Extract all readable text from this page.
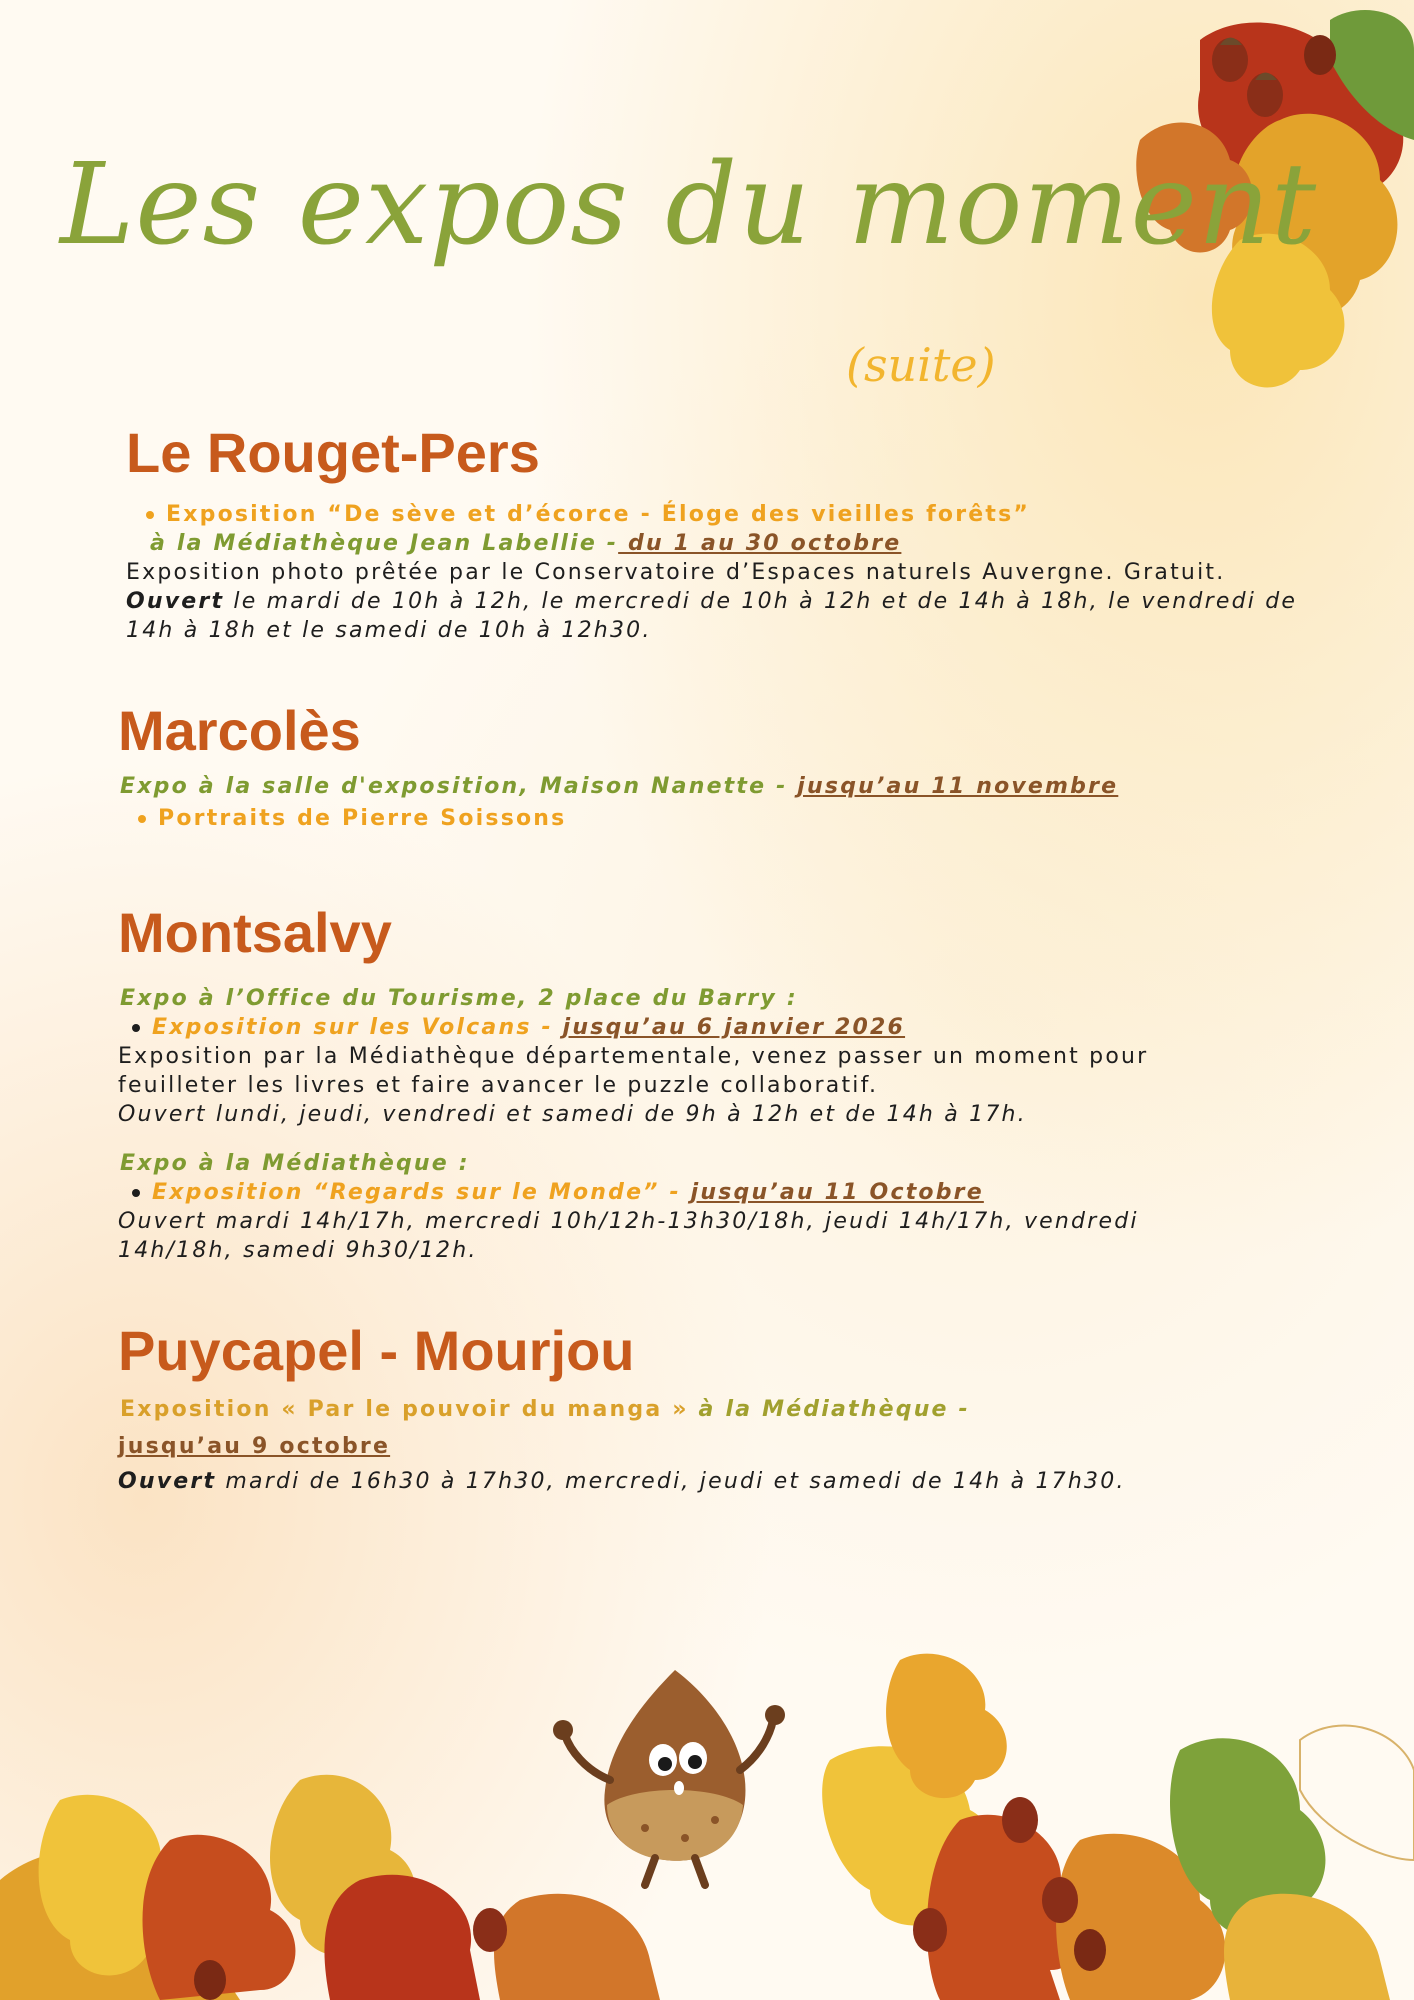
Les expos du moment
(suite)
Le Rouget-Pers
Exposition “De sève et d’écorce - Éloge des vieilles forêts”
à la Médiathèque Jean Labellie - du 1 au 30 octobre
Exposition photo prêtée par le Conservatoire d’Espaces naturels Auvergne. Gratuit.
Ouvert le mardi de 10h à 12h, le mercredi de 10h à 12h et de 14h à 18h, le vendredi de
14h à 18h et le samedi de 10h à 12h30.
Marcolès
Expo à la salle d'exposition, Maison Nanette - jusqu’au 11 novembre
Portraits de Pierre Soissons
Montsalvy
Expo à l’Office du Tourisme, 2 place du Barry :
Exposition sur les Volcans - jusqu’au 6 janvier 2026
Exposition par la Médiathèque départementale, venez passer un moment pour
feuilleter les livres et faire avancer le puzzle collaboratif.
Ouvert lundi, jeudi, vendredi et samedi de 9h à 12h et de 14h à 17h.
Expo à la Médiathèque :
Exposition “Regards sur le Monde” - jusqu’au 11 Octobre
Ouvert mardi 14h/17h, mercredi 10h/12h-13h30/18h, jeudi 14h/17h, vendredi
14h/18h, samedi 9h30/12h.
Puycapel - Mourjou
Exposition « Par le pouvoir du manga » à la Médiathèque -
jusqu’au 9 octobre
Ouvert mardi de 16h30 à 17h30, mercredi, jeudi et samedi de 14h à 17h30.
